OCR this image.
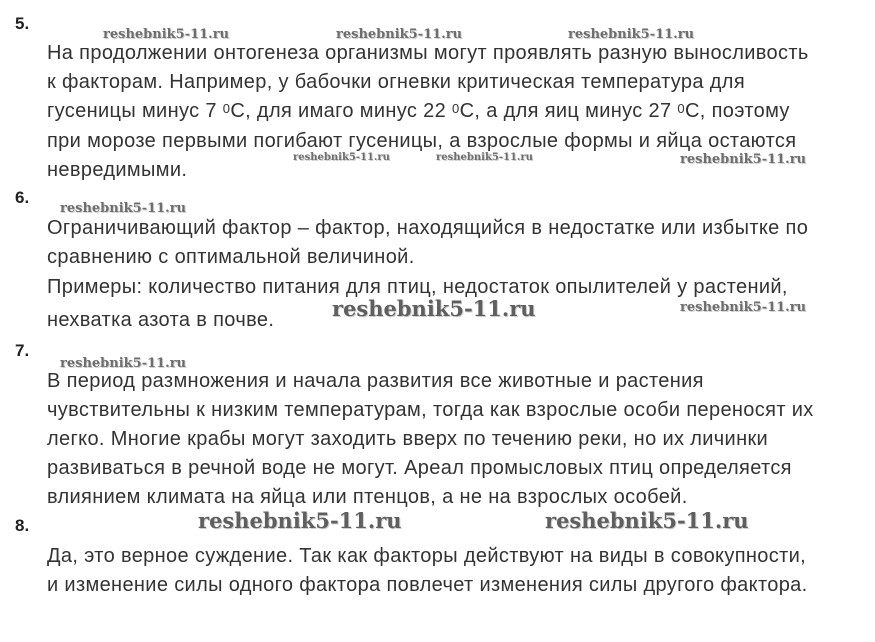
reshebnik5-11.ru	reshebnik5-11.ru	reshebnik5-11.ru
reshebnik5-11.ru	reshebnik5-11.ru	reshebnik5-11.ru
reshebnik5-11.ru
reshebnik5-11.ru	reshebnik5-11.ru
reshebnik5-11.ru
reshebnik5-11.ru	reshebnik5-11.ru
5.
На продолжении онтогенеза организмы могут проявлять разную выносливость
к факторам. Например, у бабочки огневки критическая температура для
гусеницы минус 7 $^0$C, для имаго минус 22 $^0$C, а для яиц минус 27 $^0$C, поэтому
при морозе первыми погибают гусеницы, а взрослые формы и яйца остаются
невредимыми.
6.
Ограничивающий фактор – фактор, находящийся в недостатке или избытке по
сравнению с оптимальной величиной.
Примеры: количество питания для птиц, недостаток опылителей у растений,
нехватка азота в почве.
7.
В период размножения и начала развития все животные и растения
чувствительны к низким температурам, тогда как взрослые особи переносят их
легко. Многие крабы могут заходить вверх по течению реки, но их личинки
развиваться в речной воде не могут. Ареал промысловых птиц определяется
влиянием климата на яйца или птенцов, а не на взрослых особей.
8.
Да, это верное суждение. Так как факторы действуют на виды в совокупности,
и изменение силы одного фактора повлечет изменения силы другого фактора.
